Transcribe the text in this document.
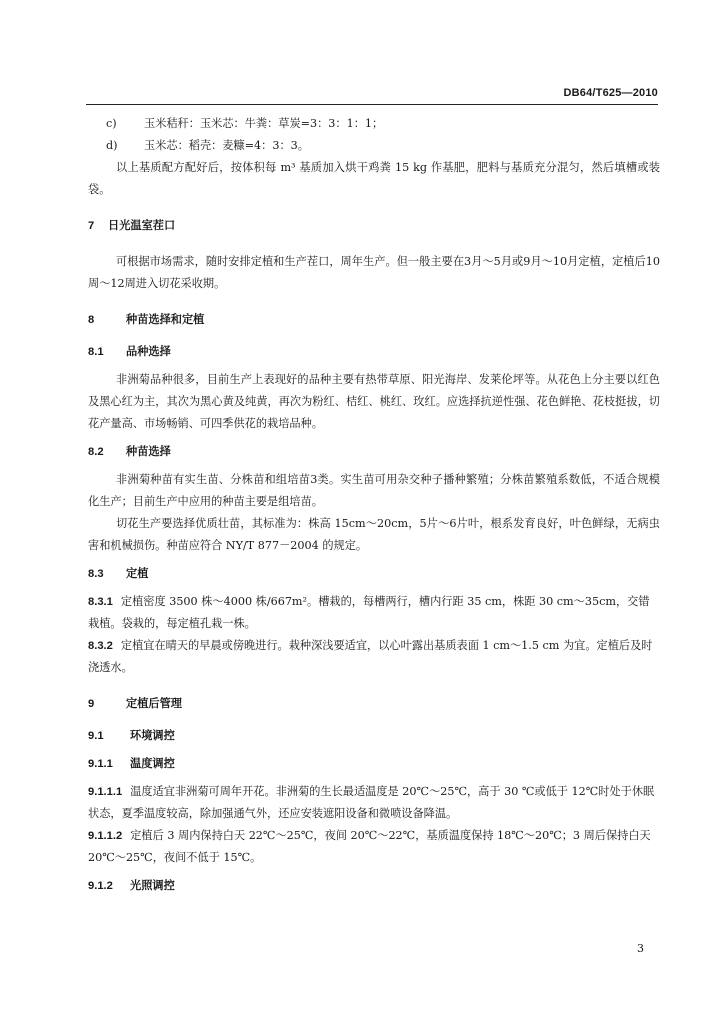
DB64/T625—2010

c) 玉米秸秆：玉米芯：牛粪：草炭=3：3：1：1；

d) 玉米芯：稻壳：麦糠=4：3：3。

以上基质配方配好后，按体积每 m³ 基质加入烘干鸡粪 15 kg 作基肥，肥料与基质充分混匀，然后填槽或装袋。

7 日光温室茬口

可根据市场需求，随时安排定植和生产茬口，周年生产。但一般主要在3月～5月或9月～10月定植，定植后10周～12周进入切花采收期。

8	种苗选择和定植

8.1 品种选择

非洲菊品种很多，目前生产上表现好的品种主要有热带草原、阳光海岸、发莱伦坪等。从花色上分主要以红色及黑心红为主，其次为黑心黄及纯黄，再次为粉红、桔红、桃红、玫红。应选择抗逆性强、花色鲜艳、花枝挺拔，切花产量高、市场畅销、可四季供花的栽培品种。

8.2 种苗选择

非洲菊种苗有实生苗、分株苗和组培苗3类。实生苗可用杂交种子播种繁殖；分株苗繁殖系数低，不适合规模化生产；目前生产中应用的种苗主要是组培苗。

切花生产要选择优质壮苗，其标准为：株高 15cm～20cm，5片～6片叶，根系发育良好，叶色鲜绿，无病虫害和机械损伤。种苗应符合 NY/T 877－2004 的规定。

8.3 定植

8.3.1 定植密度 3500 株～4000 株/667m²。槽栽的，每槽两行，槽内行距 35 cm，株距 30 cm～35cm，交错栽植。袋栽的，每定植孔栽一株。

8.3.2 定植宜在晴天的早晨或傍晚进行。栽种深浅要适宜，以心叶露出基质表面 1 cm～1.5 cm 为宜。定植后及时浇透水。

9	定植后管理

9.1 环境调控

9.1.1 温度调控

9.1.1.1 温度适宜非洲菊可周年开花。非洲菊的生长最适温度是 20℃～25℃，高于 30 ℃或低于 12℃时处于休眠状态，夏季温度较高，除加强通气外，还应安装遮阳设备和微喷设备降温。

9.1.1.2 定植后 3 周内保持白天 22℃～25℃，夜间 20℃～22℃，基质温度保持 18℃～20℃；3 周后保持白天 20℃～25℃，夜间不低于 15℃。

9.1.2 光照调控

3
